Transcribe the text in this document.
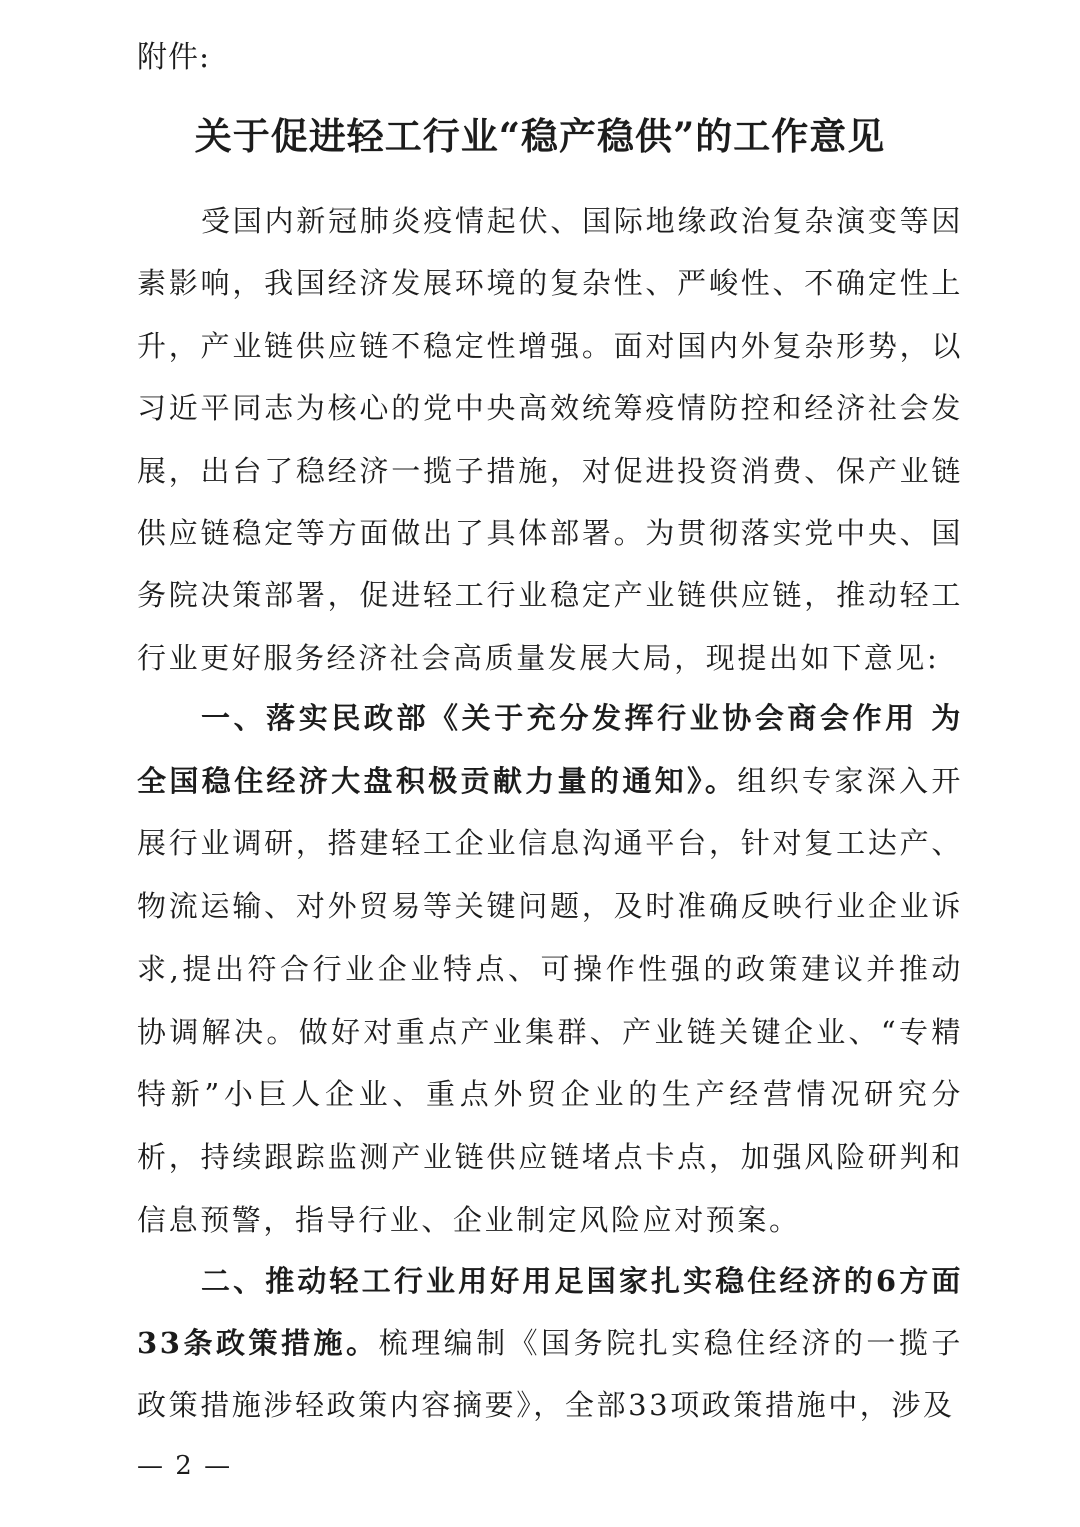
附件:
关于促进轻工行业“稳产稳供”的工作意见
受国内新冠肺炎疫情起伏、国际地缘政治复杂演变等因素影响，我国经济发展环境的复杂性、严峻性、不确定性上升，产业链供应链不稳定性增强。面对国内外复杂形势，以习近平同志为核心的党中央高效统筹疫情防控和经济社会发展，出台了稳经济一揽子措施，对促进投资消费、保产业链供应链稳定等方面做出了具体部署。为贯彻落实党中央、国务院决策部署，促进轻工行业稳定产业链供应链，推动轻工行业更好服务经济社会高质量发展大局，现提出如下意见:
一、落实民政部《关于充分发挥行业协会商会作用 为全国稳住经济大盘积极贡献力量的通知》。组织专家深入开展行业调研，搭建轻工企业信息沟通平台，针对复工达产、物流运输、对外贸易等关键问题，及时准确反映行业企业诉求,提出符合行业企业特点、可操作性强的政策建议并推动协调解决。做好对重点产业集群、产业链关键企业、“专精特新”小巨人企业、重点外贸企业的生产经营情况研究分析，持续跟踪监测产业链供应链堵点卡点，加强风险研判和信息预警，指导行业、企业制定风险应对预案。
二、推动轻工行业用好用足国家扎实稳住经济的6方面33条政策措施。梳理编制《国务院扎实稳住经济的一揽子政策措施涉轻政策内容摘要》，全部33项政策措施中，涉及
— 2 —
